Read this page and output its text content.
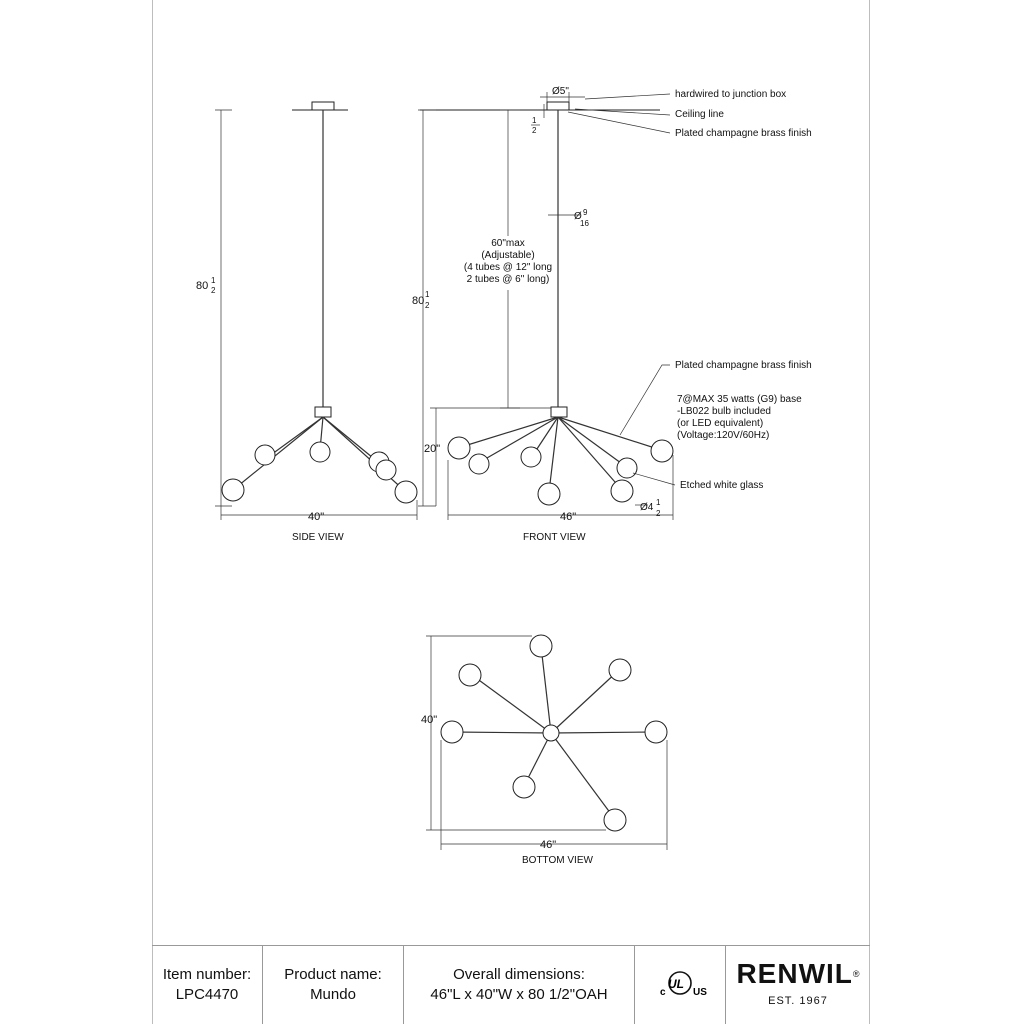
80 1
2
40"
SIDE VIEW
Ø5"
1
2
Ø 9
16
60"max
(Adjustable)
(4 tubes @ 12" long
2 tubes @ 6" long)
80
1
2
20"
46"
Ø4 1
2
FRONT VIEW
hardwired to junction box
Ceiling line
Plated champagne brass finish
Plated champagne brass finish
7@MAX 35 watts (G9) base
-LB022 bulb included
(or LED equivalent)
(Voltage:120V/60Hz)
Etched white glass
40"
46"
BOTTOM VIEW
Item number:
LPC4470
Product name:
Mundo
Overall dimensions:
46"L x 40"W x 80 1/2"OAH
UL
c	US
RENWIL®
EST. 1967
